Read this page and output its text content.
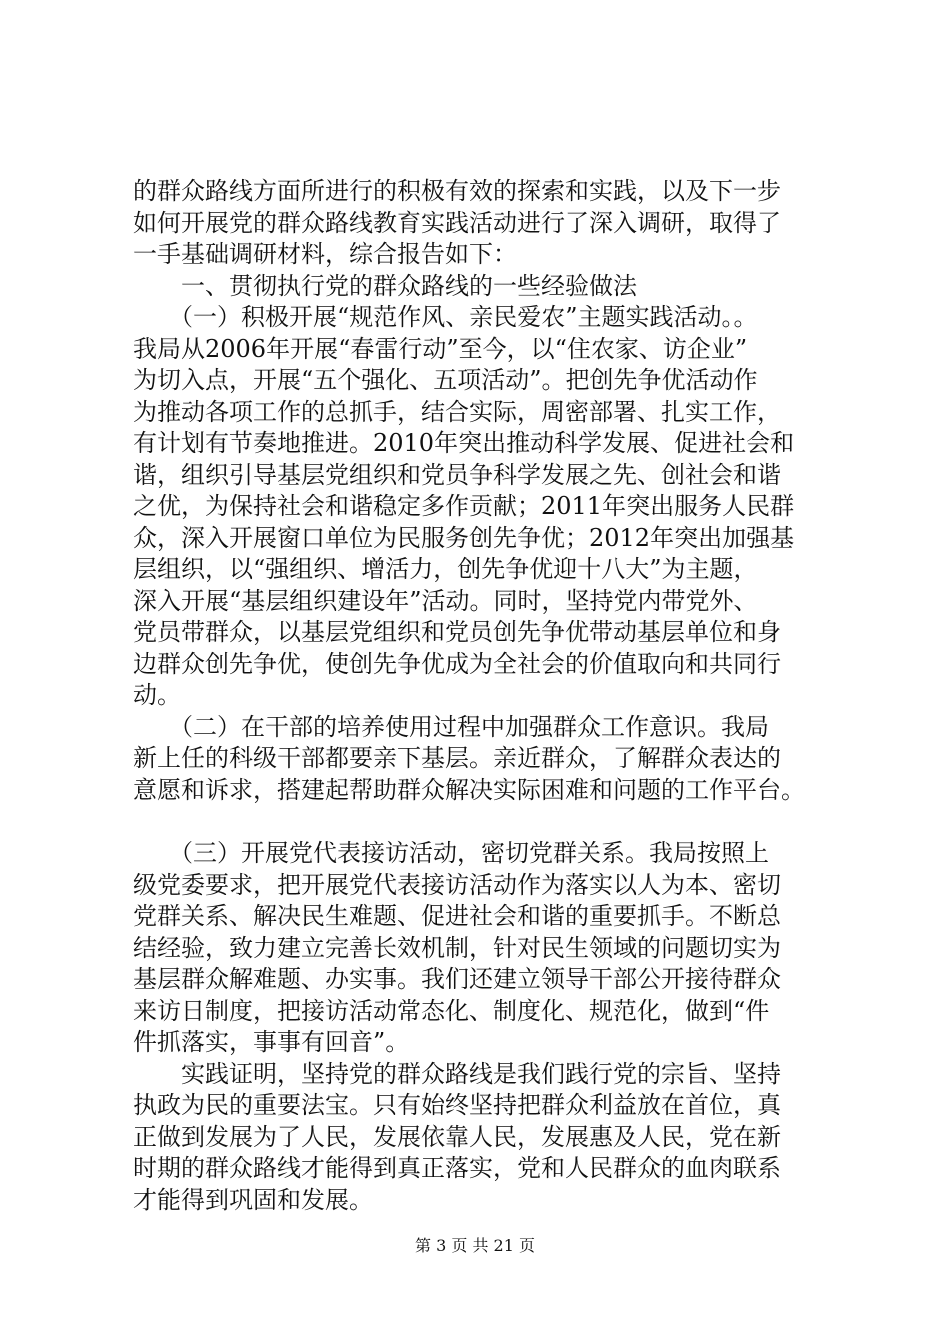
的群众路线方面所进行的积极有效的探索和实践，以及下一步
如何开展党的群众路线教育实践活动进行了深入调研，取得了
一手基础调研材料，综合报告如下：
　　一、贯彻执行党的群众路线的一些经验做法
　　（一）积极开展“规范作风、亲民爱农”主题实践活动。。
我局从2006年开展“春雷行动”至今，以“住农家、访企业”
为切入点，开展“五个强化、五项活动”。把创先争优活动作
为推动各项工作的总抓手，结合实际，周密部署、扎实工作，
有计划有节奏地推进。2010年突出推动科学发展、促进社会和
谐，组织引导基层党组织和党员争科学发展之先、创社会和谐
之优，为保持社会和谐稳定多作贡献；2011年突出服务人民群
众，深入开展窗口单位为民服务创先争优；2012年突出加强基
层组织，以“强组织、增活力，创先争优迎十八大”为主题，
深入开展“基层组织建设年”活动。同时，坚持党内带党外、
党员带群众，以基层党组织和党员创先争优带动基层单位和身
边群众创先争优，使创先争优成为全社会的价值取向和共同行
动。
　　（二）在干部的培养使用过程中加强群众工作意识。我局
新上任的科级干部都要亲下基层。亲近群众，了解群众表达的
意愿和诉求，搭建起帮助群众解决实际困难和问题的工作平台。
　　（三）开展党代表接访活动，密切党群关系。我局按照上
级党委要求，把开展党代表接访活动作为落实以人为本、密切
党群关系、解决民生难题、促进社会和谐的重要抓手。不断总
结经验，致力建立完善长效机制，针对民生领域的问题切实为
基层群众解难题、办实事。我们还建立领导干部公开接待群众
来访日制度，把接访活动常态化、制度化、规范化，做到“件
件抓落实，事事有回音”。
　　实践证明，坚持党的群众路线是我们践行党的宗旨、坚持
执政为民的重要法宝。只有始终坚持把群众利益放在首位，真
正做到发展为了人民，发展依靠人民，发展惠及人民，党在新
时期的群众路线才能得到真正落实，党和人民群众的血肉联系
才能得到巩固和发展。
第 3 页 共 21 页
